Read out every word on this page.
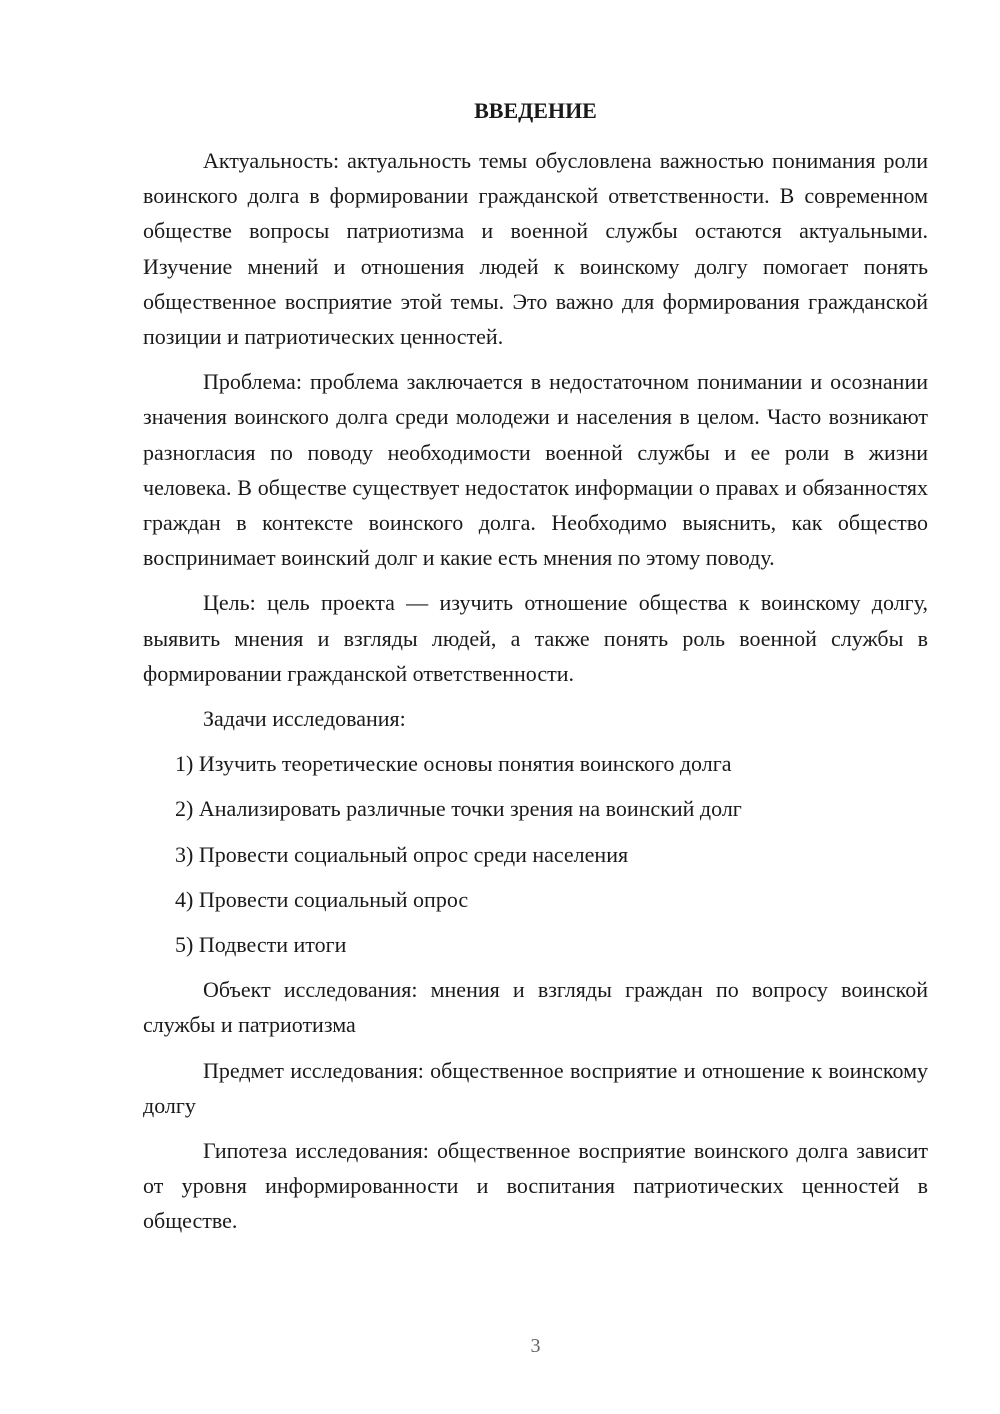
ВВЕДЕНИЕ

Актуальность: актуальность темы обусловлена важностью понимания роли воинского долга в формировании гражданской ответственности. В современном обществе вопросы патриотизма и военной службы остаются актуальными. Изучение мнений и отношения людей к воинскому долгу помогает понять общественное восприятие этой темы. Это важно для формирования гражданской позиции и патриотических ценностей.

Проблема: проблема заключается в недостаточном понимании и осознании значения воинского долга среди молодежи и населения в целом. Часто возникают разногласия по поводу необходимости военной службы и ее роли в жизни человека. В обществе существует недостаток информации о правах и обязанностях граждан в контексте воинского долга. Необходимо выяснить, как общество воспринимает воинский долг и какие есть мнения по этому поводу.

Цель: цель проекта — изучить отношение общества к воинскому долгу, выявить мнения и взгляды людей, а также понять роль военной службы в формировании гражданской ответственности.

Задачи исследования:

1) Изучить теоретические основы понятия воинского долга
2) Анализировать различные точки зрения на воинский долг
3) Провести социальный опрос среди населения
4) Провести социальный опрос
5) Подвести итоги

Объект исследования: мнения и взгляды граждан по вопросу воинской службы и патриотизма

Предмет исследования: общественное восприятие и отношение к воинскому долгу

Гипотеза исследования: общественное восприятие воинского долга зависит от уровня информированности и воспитания патриотических ценностей в обществе.

3
